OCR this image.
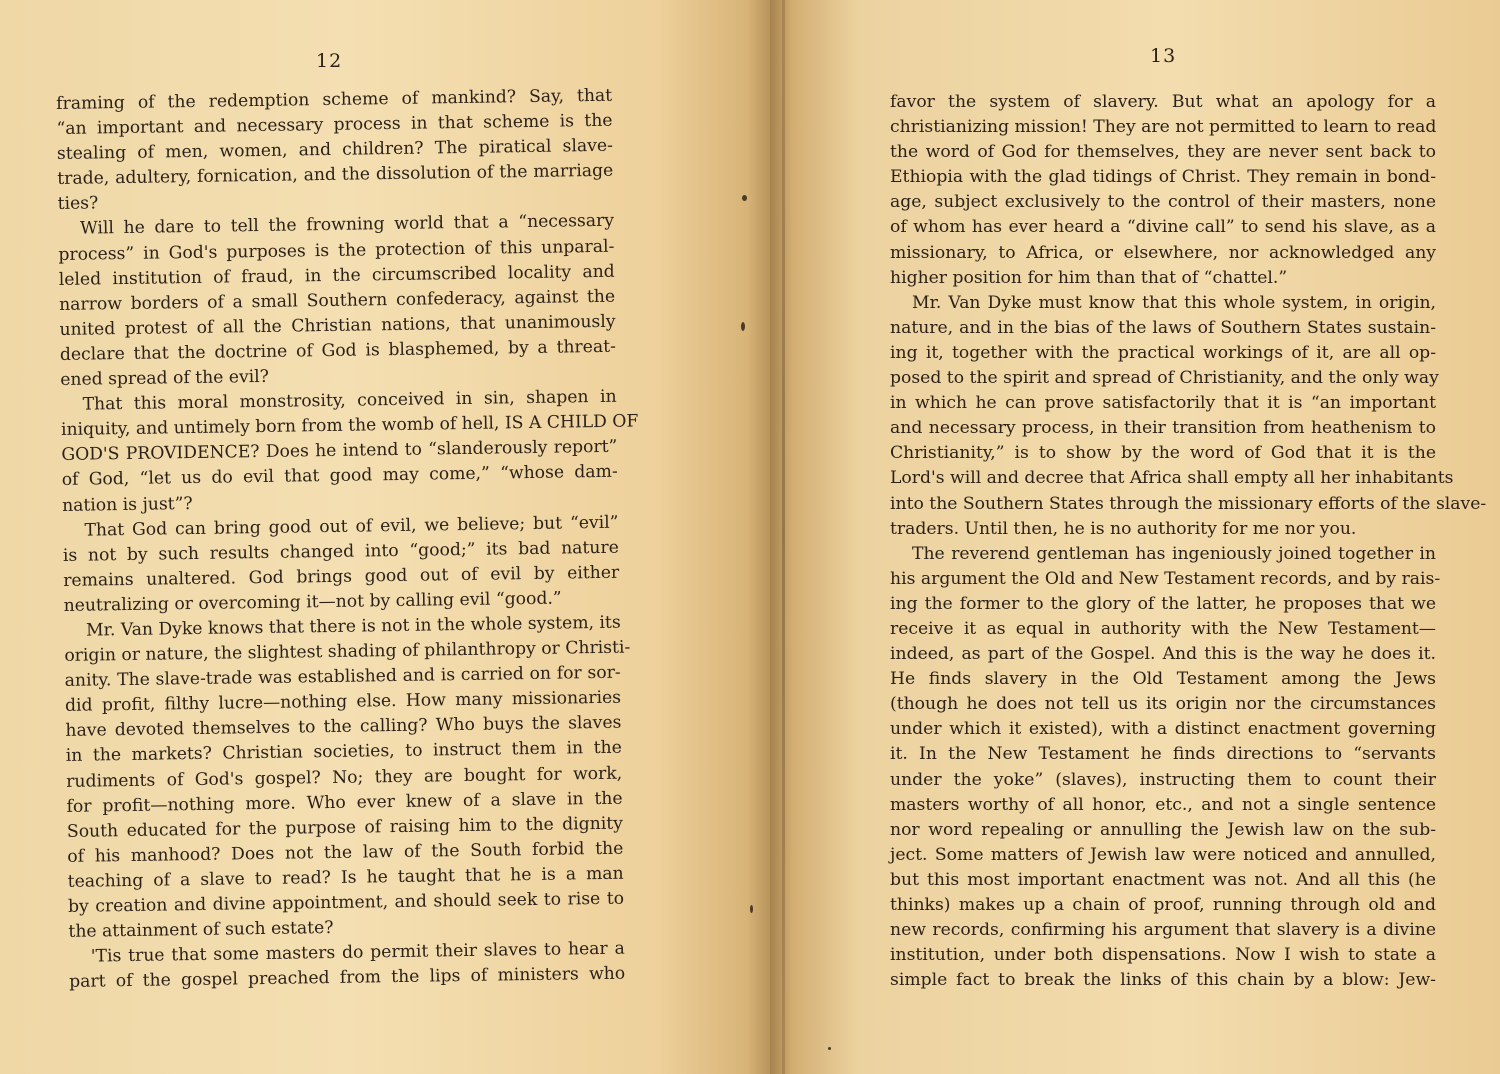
12	13
framing of the redemption scheme of mankind? Say, that
“an important and necessary process in that scheme is the
stealing of men, women, and children? The piratical slave-
trade, adultery, fornication, and the dissolution of the marriage
ties?
Will he dare to tell the frowning world that a “necessary
process” in God's purposes is the protection of this unparal-
leled institution of fraud, in the circumscribed locality and
narrow borders of a small Southern confederacy, against the
united protest of all the Christian nations, that unanimously
declare that the doctrine of God is blasphemed, by a threat-
ened spread of the evil?
That this moral monstrosity, conceived in sin, shapen in
iniquity, and untimely born from the womb of hell, IS A CHILD OF
GOD'S PROVIDENCE? Does he intend to “slanderously report”
of God, “let us do evil that good may come,” “whose dam-
nation is just”?
That God can bring good out of evil, we believe; but “evil”
is not by such results changed into “good;” its bad nature
remains unaltered. God brings good out of evil by either
neutralizing or overcoming it—not by calling evil “good.”
Mr. Van Dyke knows that there is not in the whole system, its
origin or nature, the slightest shading of philanthropy or Christi-
anity. The slave-trade was established and is carried on for sor-
did profit, filthy lucre—nothing else. How many missionaries
have devoted themselves to the calling? Who buys the slaves
in the markets? Christian societies, to instruct them in the
rudiments of God's gospel? No; they are bought for work,
for profit—nothing more. Who ever knew of a slave in the
South educated for the purpose of raising him to the dignity
of his manhood? Does not the law of the South forbid the
teaching of a slave to read? Is he taught that he is a man
by creation and divine appointment, and should seek to rise to
the attainment of such estate?
'Tis true that some masters do permit their slaves to hear a
part of the gospel preached from the lips of ministers who
favor the system of slavery. But what an apology for a
christianizing mission! They are not permitted to learn to read
the word of God for themselves, they are never sent back to
Ethiopia with the glad tidings of Christ. They remain in bond-
age, subject exclusively to the control of their masters, none
of whom has ever heard a “divine call” to send his slave, as a
missionary, to Africa, or elsewhere, nor acknowledged any
higher position for him than that of “chattel.”
Mr. Van Dyke must know that this whole system, in origin,
nature, and in the bias of the laws of Southern States sustain-
ing it, together with the practical workings of it, are all op-
posed to the spirit and spread of Christianity, and the only way
in which he can prove satisfactorily that it is “an important
and necessary process, in their transition from heathenism to
Christianity,” is to show by the word of God that it is the
Lord's will and decree that Africa shall empty all her inhabitants
into the Southern States through the missionary efforts of the slave-
traders. Until then, he is no authority for me nor you.
The reverend gentleman has ingeniously joined together in
his argument the Old and New Testament records, and by rais-
ing the former to the glory of the latter, he proposes that we
receive it as equal in authority with the New Testament—
indeed, as part of the Gospel. And this is the way he does it.
He finds slavery in the Old Testament among the Jews
(though he does not tell us its origin nor the circumstances
under which it existed), with a distinct enactment governing
it. In the New Testament he finds directions to “servants
under the yoke” (slaves), instructing them to count their
masters worthy of all honor, etc., and not a single sentence
nor word repealing or annulling the Jewish law on the sub-
ject. Some matters of Jewish law were noticed and annulled,
but this most important enactment was not. And all this (he
thinks) makes up a chain of proof, running through old and
new records, confirming his argument that slavery is a divine
institution, under both dispensations. Now I wish to state a
simple fact to break the links of this chain by a blow: Jew-
